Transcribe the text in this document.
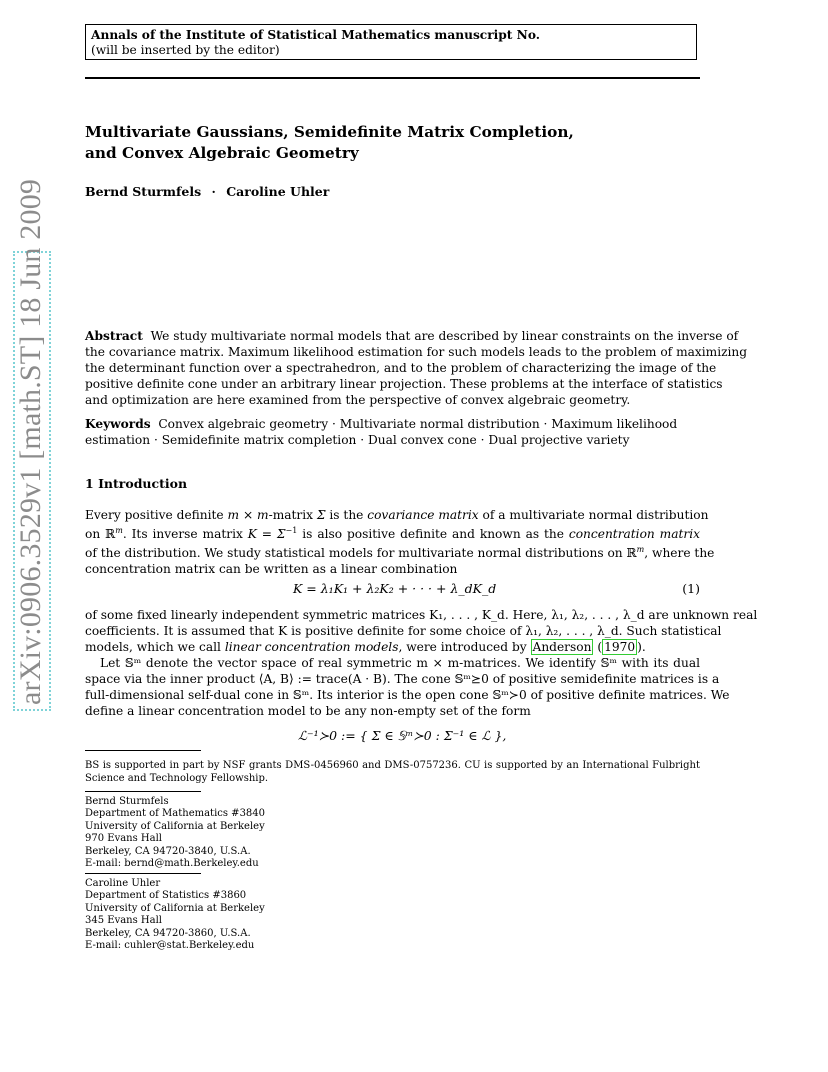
Annals of the Institute of Statistical Mathematics manuscript No.
(will be inserted by the editor)
arXiv:0906.3529v1 [math.ST] 18 Jun 2009
Multivariate Gaussians, Semidefinite Matrix Completion,
and Convex Algebraic Geometry
Bernd Sturmfels · Caroline Uhler
Abstract We study multivariate normal models that are described by linear constraints on the inverse of
the covariance matrix. Maximum likelihood estimation for such models leads to the problem of maximizing
the determinant function over a spectrahedron, and to the problem of characterizing the image of the
positive definite cone under an arbitrary linear projection. These problems at the interface of statistics
and optimization are here examined from the perspective of convex algebraic geometry.
Keywords Convex algebraic geometry · Multivariate normal distribution · Maximum likelihood
estimation · Semidefinite matrix completion · Dual convex cone · Dual projective variety
1 Introduction
Every positive definite m × m-matrix Σ is the covariance matrix of a multivariate normal distribution
on ℝ$^m$. Its inverse matrix $K = \Sigma^{-1}$ is also positive definite and known as the concentration matrix
of the distribution. We study statistical models for multivariate normal distributions on ℝ$^m$, where the
concentration matrix can be written as a linear combination
K = λ₁K₁ + λ₂K₂ + · · · + λ_dK_d	(1)
of some fixed linearly independent symmetric matrices K₁, . . . , K_d. Here, λ₁, λ₂, . . . , λ_d are unknown real
coefficients. It is assumed that K is positive definite for some choice of λ₁, λ₂, . . . , λ_d. Such statistical
models, which we call linear concentration models, were introduced by Anderson ( 1970 ).
Let 𝕊ᵐ denote the vector space of real symmetric m × m-matrices. We identify 𝕊ᵐ with its dual
space via the inner product ⟨A, B⟩ := trace(A · B). The cone 𝕊ᵐ⪰0 of positive semidefinite matrices is a
full-dimensional self-dual cone in 𝕊ᵐ. Its interior is the open cone 𝕊ᵐ≻0 of positive definite matrices. We
define a linear concentration model to be any non-empty set of the form
ℒ⁻¹≻0 := { Σ ∈ 𝕊ᵐ≻0 : Σ⁻¹ ∈ ℒ },
BS is supported in part by NSF grants DMS-0456960 and DMS-0757236. CU is supported by an International Fulbright
Science and Technology Fellowship.
Bernd Sturmfels
Department of Mathematics #3840
University of California at Berkeley
970 Evans Hall
Berkeley, CA 94720-3840, U.S.A.
E-mail: bernd@math.Berkeley.edu
Caroline Uhler
Department of Statistics #3860
University of California at Berkeley
345 Evans Hall
Berkeley, CA 94720-3860, U.S.A.
E-mail: cuhler@stat.Berkeley.edu
